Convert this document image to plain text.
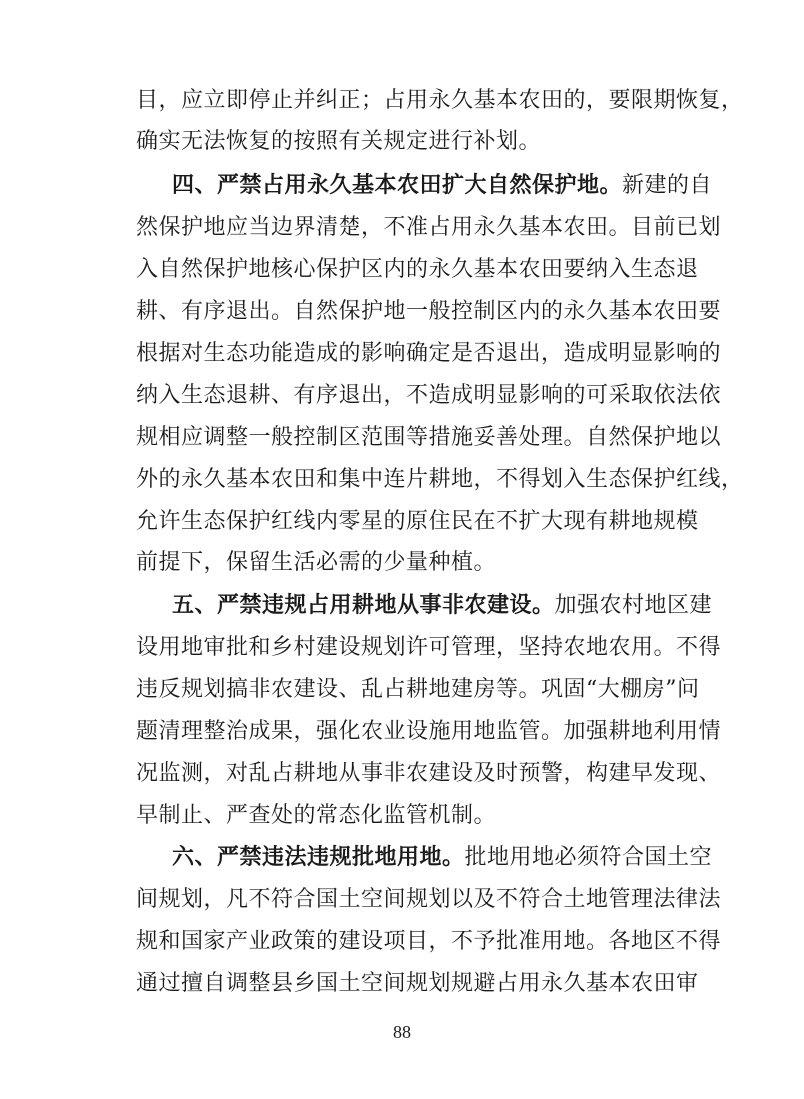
目，应立即停止并纠正；占用永久基本农田的，要限期恢复，
确实无法恢复的按照有关规定进行补划。
四、严禁占用永久基本农田扩大自然保护地。新建的自
然保护地应当边界清楚，不准占用永久基本农田。目前已划
入自然保护地核心保护区内的永久基本农田要纳入生态退
耕、有序退出。自然保护地一般控制区内的永久基本农田要
根据对生态功能造成的影响确定是否退出，造成明显影响的
纳入生态退耕、有序退出，不造成明显影响的可采取依法依
规相应调整一般控制区范围等措施妥善处理。自然保护地以
外的永久基本农田和集中连片耕地，不得划入生态保护红线，
允许生态保护红线内零星的原住民在不扩大现有耕地规模
前提下，保留生活必需的少量种植。
五、严禁违规占用耕地从事非农建设。加强农村地区建
设用地审批和乡村建设规划许可管理，坚持农地农用。不得
违反规划搞非农建设、乱占耕地建房等。巩固“大棚房”问
题清理整治成果，强化农业设施用地监管。加强耕地利用情
况监测，对乱占耕地从事非农建设及时预警，构建早发现、
早制止、严查处的常态化监管机制。
六、严禁违法违规批地用地。批地用地必须符合国土空
间规划，凡不符合国土空间规划以及不符合土地管理法律法
规和国家产业政策的建设项目，不予批准用地。各地区不得
通过擅自调整县乡国土空间规划规避占用永久基本农田审
88
